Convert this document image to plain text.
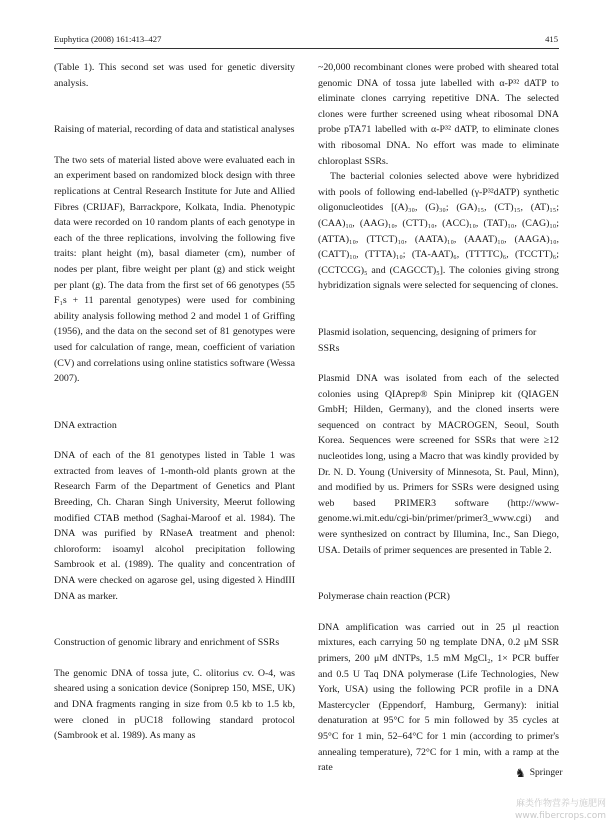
Euphytica (2008) 161:413–427	415

(Table 1). This second set was used for genetic diversity analysis.

Raising of material, recording of data and statistical analyses

The two sets of material listed above were evaluated each in an experiment based on randomized block design with three replications at Central Research Institute for Jute and Allied Fibres (CRIJAF), Barrackpore, Kolkata, India. Phenotypic data were recorded on 10 random plants of each genotype in each of the three replications, involving the following five traits: plant height (m), basal diameter (cm), number of nodes per plant, fibre weight per plant (g) and stick weight per plant (g). The data from the first set of 66 genotypes (55 F₁s + 11 parental genotypes) were used for combining ability analysis following method 2 and model 1 of Griffing (1956), and the data on the second set of 81 genotypes were used for calculation of range, mean, coefficient of variation (CV) and correlations using online statistics software (Wessa 2007).

DNA extraction

DNA of each of the 81 genotypes listed in Table 1 was extracted from leaves of 1-month-old plants grown at the Research Farm of the Department of Genetics and Plant Breeding, Ch. Charan Singh University, Meerut following modified CTAB method (Saghai-Maroof et al. 1984). The DNA was purified by RNaseA treatment and phenol: chloroform: isoamyl alcohol precipitation following Sambrook et al. (1989). The quality and concentration of DNA were checked on agarose gel, using digested λ HindIII DNA as marker.

Construction of genomic library and enrichment of SSRs

The genomic DNA of tossa jute, C. olitorius cv. O-4, was sheared using a sonication device (Soniprep 150, MSE, UK) and DNA fragments ranging in size from 0.5 kb to 1.5 kb, were cloned in pUC18 following standard protocol (Sambrook et al. 1989). As many as

~20,000 recombinant clones were probed with sheared total genomic DNA of tossa jute labelled with α-P³² dATP to eliminate clones carrying repetitive DNA. The selected clones were further screened using wheat ribosomal DNA probe pTA71 labelled with α-P³² dATP, to eliminate clones with ribosomal DNA. No effort was made to eliminate chloroplast SSRs.

The bacterial colonies selected above were hybridized with pools of following end-labelled (γ-P³²dATP) synthetic oligonucleotides [(A)₃₀, (G)₃₀; (GA)₁₅, (CT)₁₅, (AT)₁₅; (CAA)₁₀, (AAG)₁₀, (CTT)₁₀, (ACC)₁₀, (TAT)₁₀, (CAG)₁₀; (ATTA)₁₀, (TTCT)₁₀, (AATA)₁₀, (AAAT)₁₀, (AAGA)₁₀, (CATT)₁₀, (TTTA)₁₀; (TA-AAT)₆, (TTTTC)₆, (TCCTT)₆; (CCTCCG)₅ and (CAGCCT)₅]. The colonies giving strong hybridization signals were selected for sequencing of clones.

Plasmid isolation, sequencing, designing of primers for SSRs

Plasmid DNA was isolated from each of the selected colonies using QIAprep® Spin Miniprep kit (QIAGEN GmbH; Hilden, Germany), and the cloned inserts were sequenced on contract by MACROGEN, Seoul, South Korea. Sequences were screened for SSRs that were ≥12 nucleotides long, using a Macro that was kindly provided by Dr. N. D. Young (University of Minnesota, St. Paul, Minn), and modified by us. Primers for SSRs were designed using web based PRIMER3 software (http://www-genome.wi.mit.edu/cgi-bin/primer/primer3_www.cgi) and were synthesized on contract by Illumina, Inc., San Diego, USA. Details of primer sequences are presented in Table 2.

Polymerase chain reaction (PCR)

DNA amplification was carried out in 25 μl reaction mixtures, each carrying 50 ng template DNA, 0.2 μM SSR primers, 200 μM dNTPs, 1.5 mM MgCl₂, 1× PCR buffer and 0.5 U Taq DNA polymerase (Life Technologies, New York, USA) using the following PCR profile in a DNA Mastercycler (Eppendorf, Hamburg, Germany): initial denaturation at 95°C for 5 min followed by 35 cycles at 95°C for 1 min, 52–64°C for 1 min (according to primer's annealing temperature), 72°C for 1 min, with a ramp at the rate	♞ Springer
麻类作物营养与施肥网
www.fibercrops.com
